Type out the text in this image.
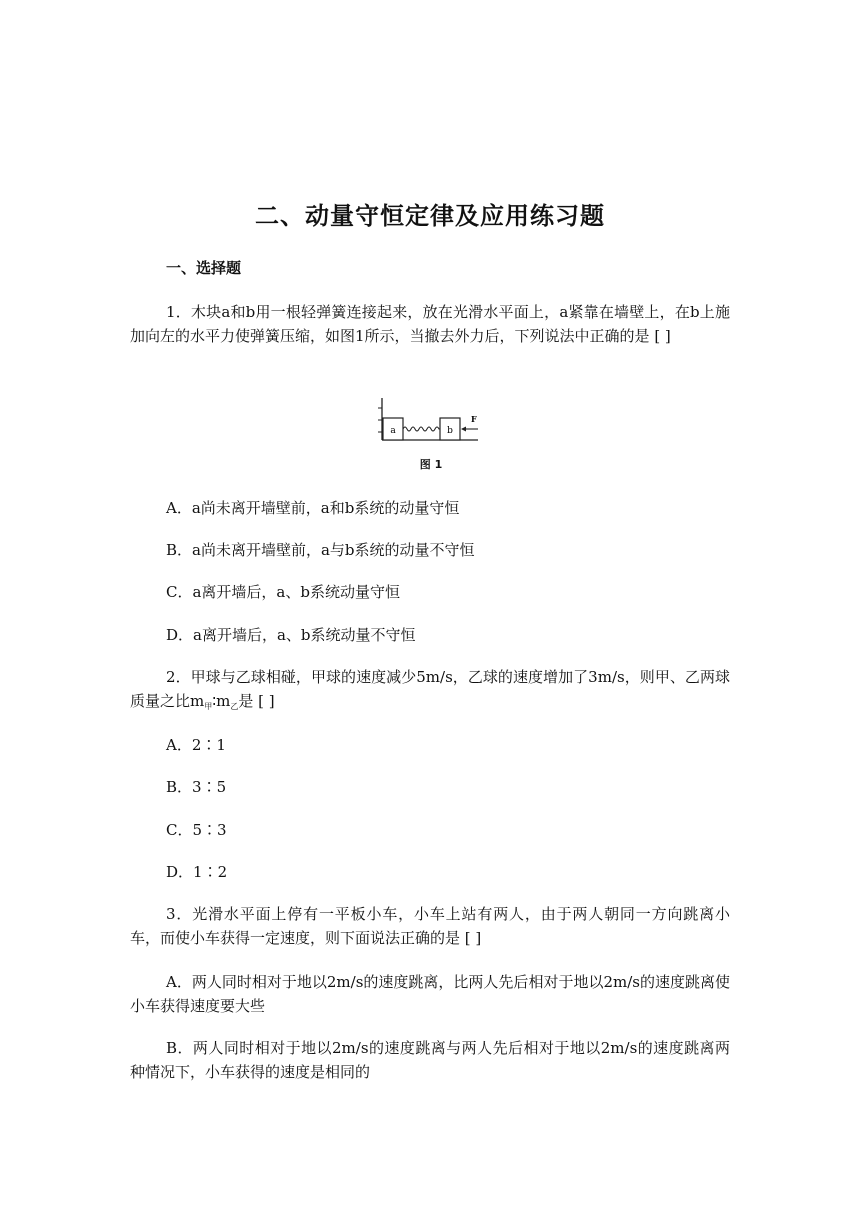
二、动量守恒定律及应用练习题
一、选择题

1．木块a和b用一根轻弹簧连接起来，放在光滑水平面上，a紧靠在墙壁上，在b上施加向左的水平力使弹簧压缩，如图1所示，当撤去外力后，下列说法中正确的是 [ ]

a	b
F
图 1

A．a尚未离开墙壁前，a和b系统的动量守恒

B．a尚未离开墙壁前，a与b系统的动量不守恒

C．a离开墙后，a、b系统动量守恒

D．a离开墙后，a、b系统动量不守恒

2．甲球与乙球相碰，甲球的速度减少5m/s，乙球的速度增加了3m/s，则甲、乙两球质量之比$m_甲∶m_乙$是 [ ]

A．2∶1

B．3∶5

C．5∶3

D．1∶2

3．光滑水平面上停有一平板小车，小车上站有两人，由于两人朝同一方向跳离小车，而使小车获得一定速度，则下面说法正确的是 [ ]

A．两人同时相对于地以2m/s的速度跳离，比两人先后相对于地以2m/s的速度跳离使小车获得速度要大些

B．两人同时相对于地以2m/s的速度跳离与两人先后相对于地以2m/s的速度跳离两种情况下，小车获得的速度是相同的
